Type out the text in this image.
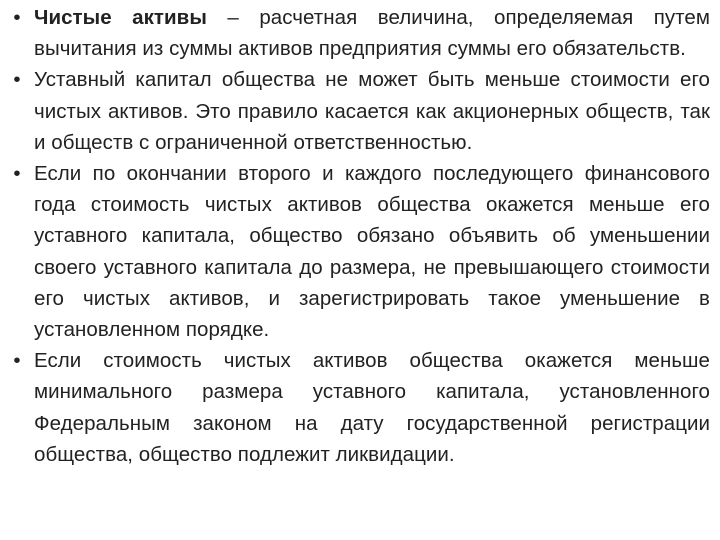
• Чистые активы – расчетная величина, определяемая путем вычитания из суммы активов предприятия суммы его обязательств.
• Уставный капитал общества не может быть меньше стоимости его чистых активов. Это правило касается как акционерных обществ, так и обществ с ограниченной ответственностью.
• Если по окончании второго и каждого последующего финансового года стоимость чистых активов общества окажется меньше его уставного капитала, общество обязано объявить об уменьшении своего уставного капитала до размера, не превышающего стоимости его чистых активов, и зарегистрировать такое уменьшение в установленном порядке.
• Если стоимость чистых активов общества окажется меньше минимального размера уставного капитала, установленного Федеральным законом на дату государственной регистрации общества, общество подлежит ликвидации.
